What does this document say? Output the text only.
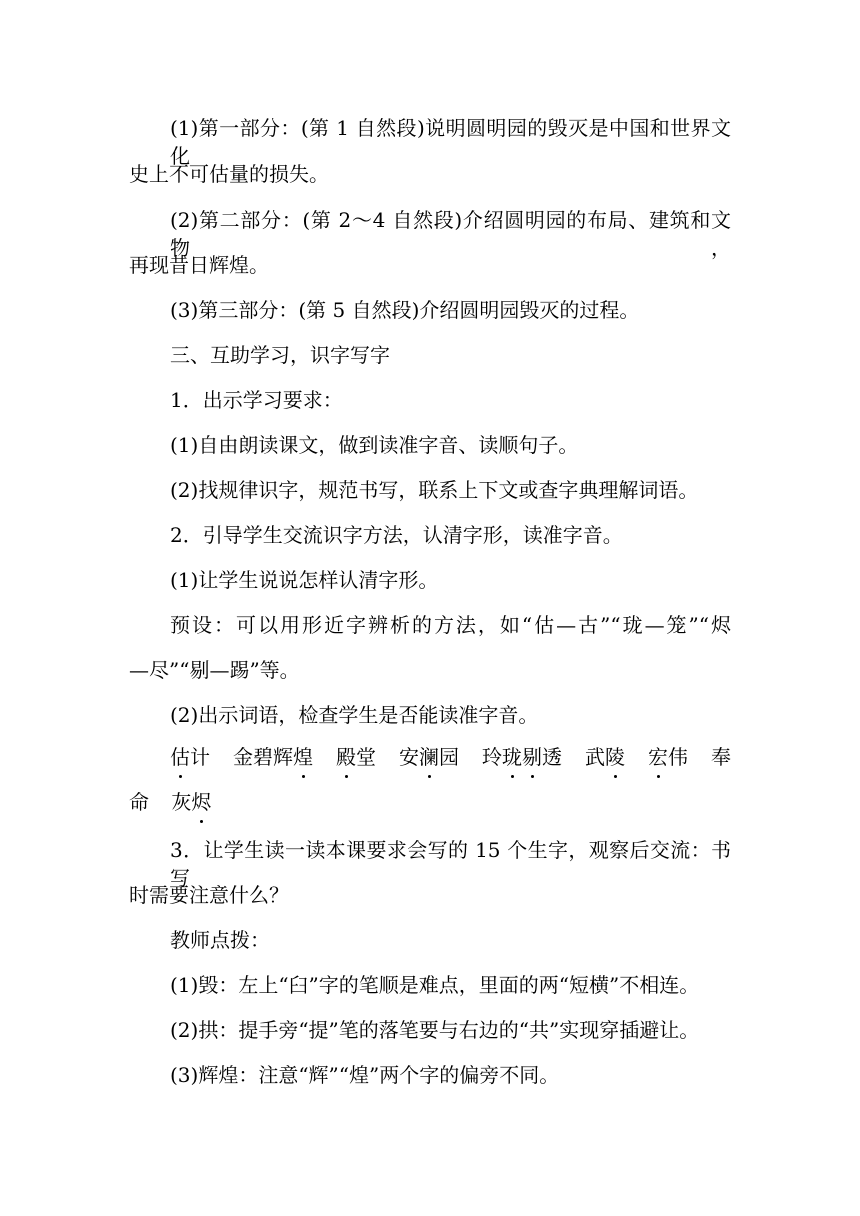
(1)第一部分：(第 1 自然段)说明圆明园的毁灭是中国和世界文化
史上不可估量的损失。
(2)第二部分：(第 2～4 自然段)介绍圆明园的布局、建筑和文物，
再现昔日辉煌。
(3)第三部分：(第 5 自然段)介绍圆明园毁灭的过程。
三、互助学习，识字写字
1．出示学习要求：
(1)自由朗读课文，做到读准字音、读顺句子。
(2)找规律识字，规范书写，联系上下文或查字典理解词语。
2．引导学生交流识字方法，认清字形，读准字音。
(1)让学生说说怎样认清字形。
预设：可以用形近字辨析的方法，如“估—古”“珑—笼”“烬
—尽”“剔—踢”等。
(2)出示词语，检查学生是否能读准字音。
估计 金碧辉煌 殿堂 安澜园 玲珑剔透 武陵 宏伟 奉
命 灰烬
3．让学生读一读本课要求会写的 15 个生字，观察后交流：书写
时需要注意什么？
教师点拨：
(1)毁：左上“臼”字的笔顺是难点，里面的两“短横”不相连。
(2)拱：提手旁“提”笔的落笔要与右边的“共”实现穿插避让。
(3)辉煌：注意“辉”“煌”两个字的偏旁不同。
